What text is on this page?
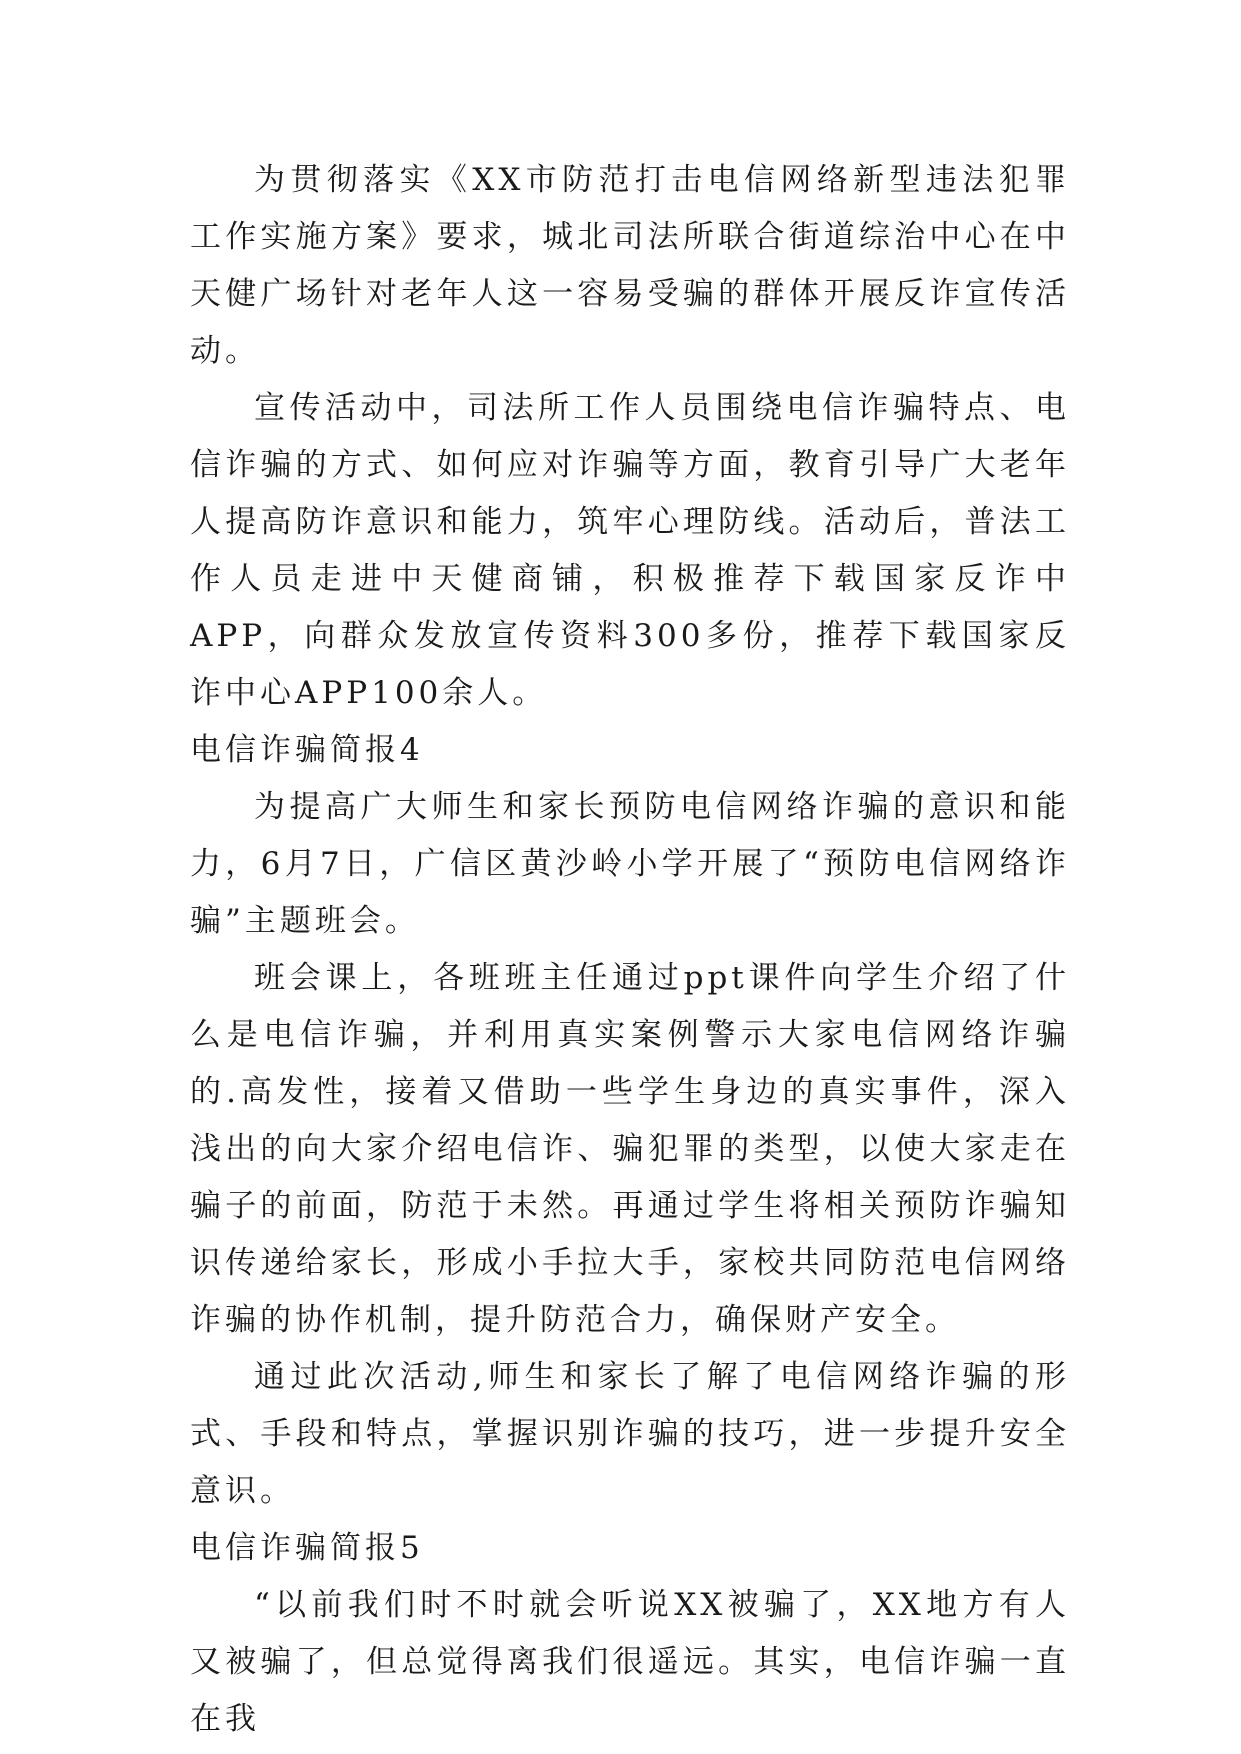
为贯彻落实《XX市防范打击电信网络新型违法犯罪工作实施方案》要求，城北司法所联合街道综治中心在中天健广场针对老年人这一容易受骗的群体开展反诈宣传活动。

宣传活动中，司法所工作人员围绕电信诈骗特点、电信诈骗的方式、如何应对诈骗等方面，教育引导广大老年人提高防诈意识和能力，筑牢心理防线。活动后，普法工作人员走进中天健商铺，积极推荐下载国家反诈中APP，向群众发放宣传资料300多份，推荐下载国家反诈中心APP100余人。

电信诈骗简报4

为提高广大师生和家长预防电信网络诈骗的意识和能力，6月7日，广信区黄沙岭小学开展了“预防电信网络诈骗”主题班会。

班会课上，各班班主任通过ppt课件向学生介绍了什么是电信诈骗，并利用真实案例警示大家电信网络诈骗的.高发性，接着又借助一些学生身边的真实事件，深入浅出的向大家介绍电信诈、骗犯罪的类型，以使大家走在骗子的前面，防范于未然。再通过学生将相关预防诈骗知识传递给家长，形成小手拉大手，家校共同防范电信网络诈骗的协作机制，提升防范合力，确保财产安全。

通过此次活动,师生和家长了解了电信网络诈骗的形式、手段和特点，掌握识别诈骗的技巧，进一步提升安全意识。

电信诈骗简报5

“以前我们时不时就会听说XX被骗了，XX地方有人又被骗了，但总觉得离我们很遥远。其实，电信诈骗一直在我
